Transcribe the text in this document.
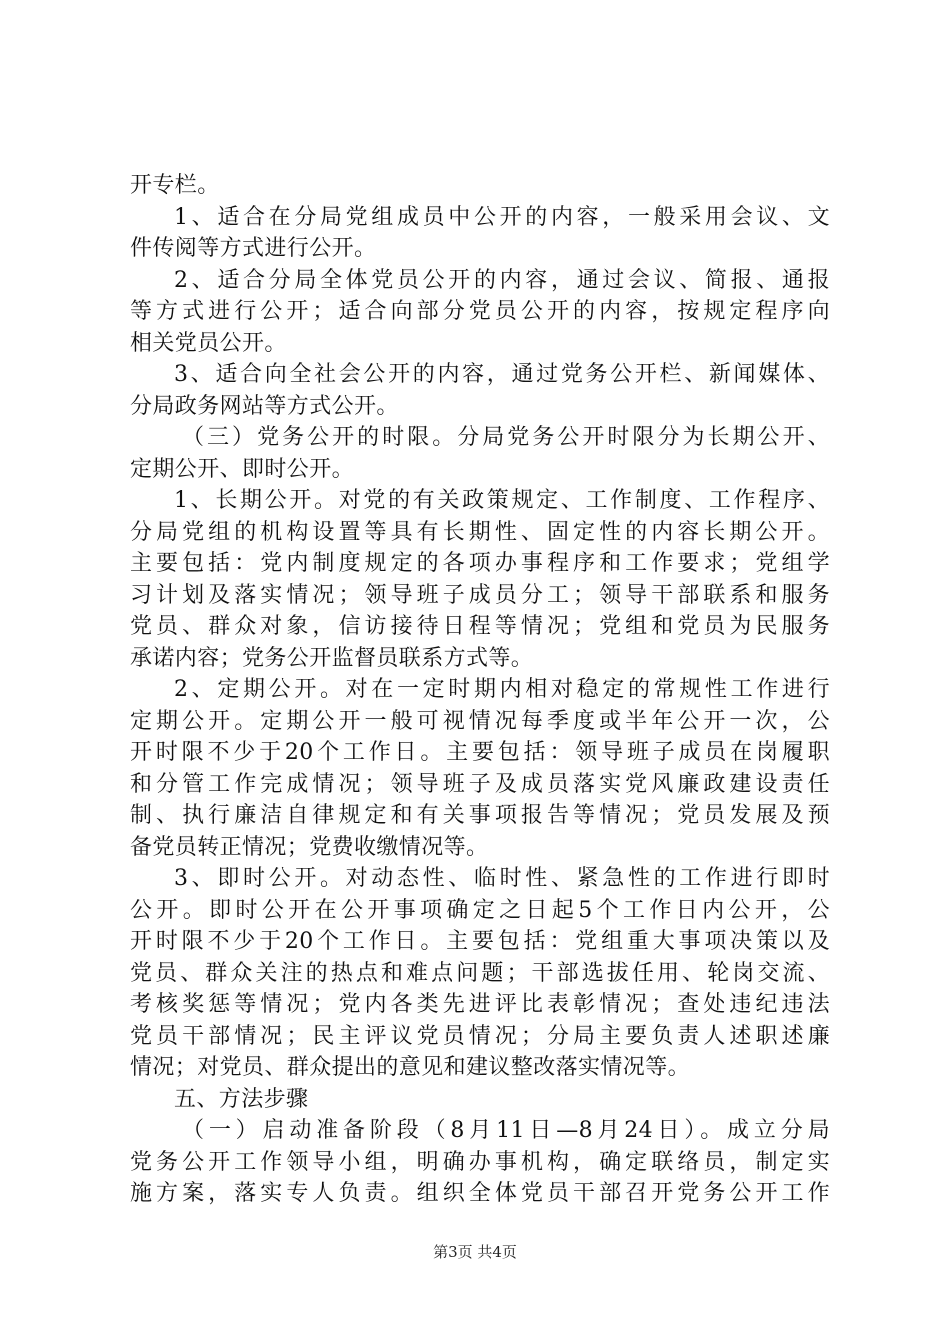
开专栏。
1、适合在分局党组成员中公开的内容，一般采用会议、文
件传阅等方式进行公开。
2、适合分局全体党员公开的内容，通过会议、简报、通报
等方式进行公开；适合向部分党员公开的内容，按规定程序向
相关党员公开。
3、适合向全社会公开的内容，通过党务公开栏、新闻媒体、
分局政务网站等方式公开。
（三）党务公开的时限。分局党务公开时限分为长期公开、
定期公开、即时公开。
1、长期公开。对党的有关政策规定、工作制度、工作程序、
分局党组的机构设置等具有长期性、固定性的内容长期公开。
主要包括：党内制度规定的各项办事程序和工作要求；党组学
习计划及落实情况；领导班子成员分工；领导干部联系和服务
党员、群众对象，信访接待日程等情况；党组和党员为民服务
承诺内容；党务公开监督员联系方式等。
2、定期公开。对在一定时期内相对稳定的常规性工作进行
定期公开。定期公开一般可视情况每季度或半年公开一次，公
开时限不少于20个工作日。主要包括：领导班子成员在岗履职
和分管工作完成情况；领导班子及成员落实党风廉政建设责任
制、执行廉洁自律规定和有关事项报告等情况；党员发展及预
备党员转正情况；党费收缴情况等。
3、即时公开。对动态性、临时性、紧急性的工作进行即时
公开。即时公开在公开事项确定之日起5个工作日内公开，公
开时限不少于20个工作日。主要包括：党组重大事项决策以及
党员、群众关注的热点和难点问题；干部选拔任用、轮岗交流、
考核奖惩等情况；党内各类先进评比表彰情况；查处违纪违法
党员干部情况；民主评议党员情况；分局主要负责人述职述廉
情况；对党员、群众提出的意见和建议整改落实情况等。
五、方法步骤
（一）启动准备阶段（8月11日—8月24日）。成立分局
党务公开工作领导小组，明确办事机构，确定联络员，制定实
施方案，落实专人负责。组织全体党员干部召开党务公开工作
第3页 共4页
